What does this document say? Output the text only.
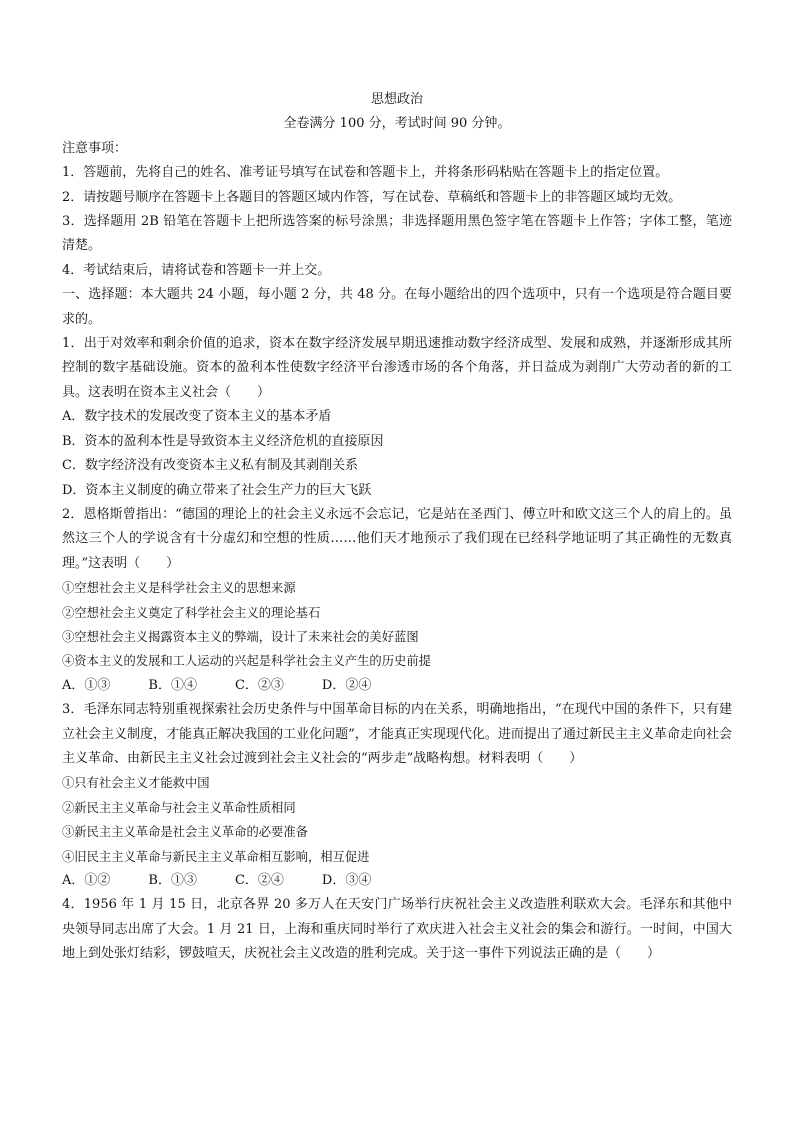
思想政治

全卷满分 100 分，考试时间 90 分钟。

注意事项：

1．答题前，先将自己的姓名、准考证号填写在试卷和答题卡上，并将条形码粘贴在答题卡上的指定位置。

2．请按题号顺序在答题卡上各题目的答题区域内作答，写在试卷、草稿纸和答题卡上的非答题区域均无效。

3．选择题用 2B 铅笔在答题卡上把所选答案的标号涂黑；非选择题用黑色签字笔在答题卡上作答；字体工整，笔迹清楚。

4．考试结束后，请将试卷和答题卡一并上交。

一、选择题：本大题共 24 小题，每小题 2 分，共 48 分。在每小题给出的四个选项中，只有一个选项是符合题目要求的。

1．出于对效率和剩余价值的追求，资本在数字经济发展早期迅速推动数字经济成型、发展和成熟，并逐渐形成其所控制的数字基础设施。资本的盈利本性使数字经济平台渗透市场的各个角落，并日益成为剥削广大劳动者的新的工具。这表明在资本主义社会（　　）

A．数字技术的发展改变了资本主义的基本矛盾

B．资本的盈利本性是导致资本主义经济危机的直接原因

C．数字经济没有改变资本主义私有制及其剥削关系

D．资本主义制度的确立带来了社会生产力的巨大飞跃

2．恩格斯曾指出：“德国的理论上的社会主义永远不会忘记，它是站在圣西门、傅立叶和欧文这三个人的肩上的。虽然这三个人的学说含有十分虚幻和空想的性质……他们天才地预示了我们现在已经科学地证明了其正确性的无数真理。”这表明（　　）

①空想社会主义是科学社会主义的思想来源

②空想社会主义奠定了科学社会主义的理论基石

③空想社会主义揭露资本主义的弊端，设计了未来社会的美好蓝图

④资本主义的发展和工人运动的兴起是科学社会主义产生的历史前提

A．①③	B．①④	C．②③	D．②④

3．毛泽东同志特别重视探索社会历史条件与中国革命目标的内在关系，明确地指出，“在现代中国的条件下，只有建立社会主义制度，才能真正解决我国的工业化问题”，才能真正实现现代化。进而提出了通过新民主主义革命走向社会主义革命、由新民主主义社会过渡到社会主义社会的“两步走”战略构想。材料表明（　　）

①只有社会主义才能救中国

②新民主主义革命与社会主义革命性质相同

③新民主主义革命是社会主义革命的必要准备

④旧民主主义革命与新民主主义革命相互影响，相互促进

A．①②	B．①③	C．②④	D．③④

4．1956 年 1 月 15 日，北京各界 20 多万人在天安门广场举行庆祝社会主义改造胜利联欢大会。毛泽东和其他中央领导同志出席了大会。1 月 21 日，上海和重庆同时举行了欢庆进入社会主义社会的集会和游行。一时间，中国大地上到处张灯结彩，锣鼓喧天，庆祝社会主义改造的胜利完成。关于这一事件下列说法正确的是（　　）
